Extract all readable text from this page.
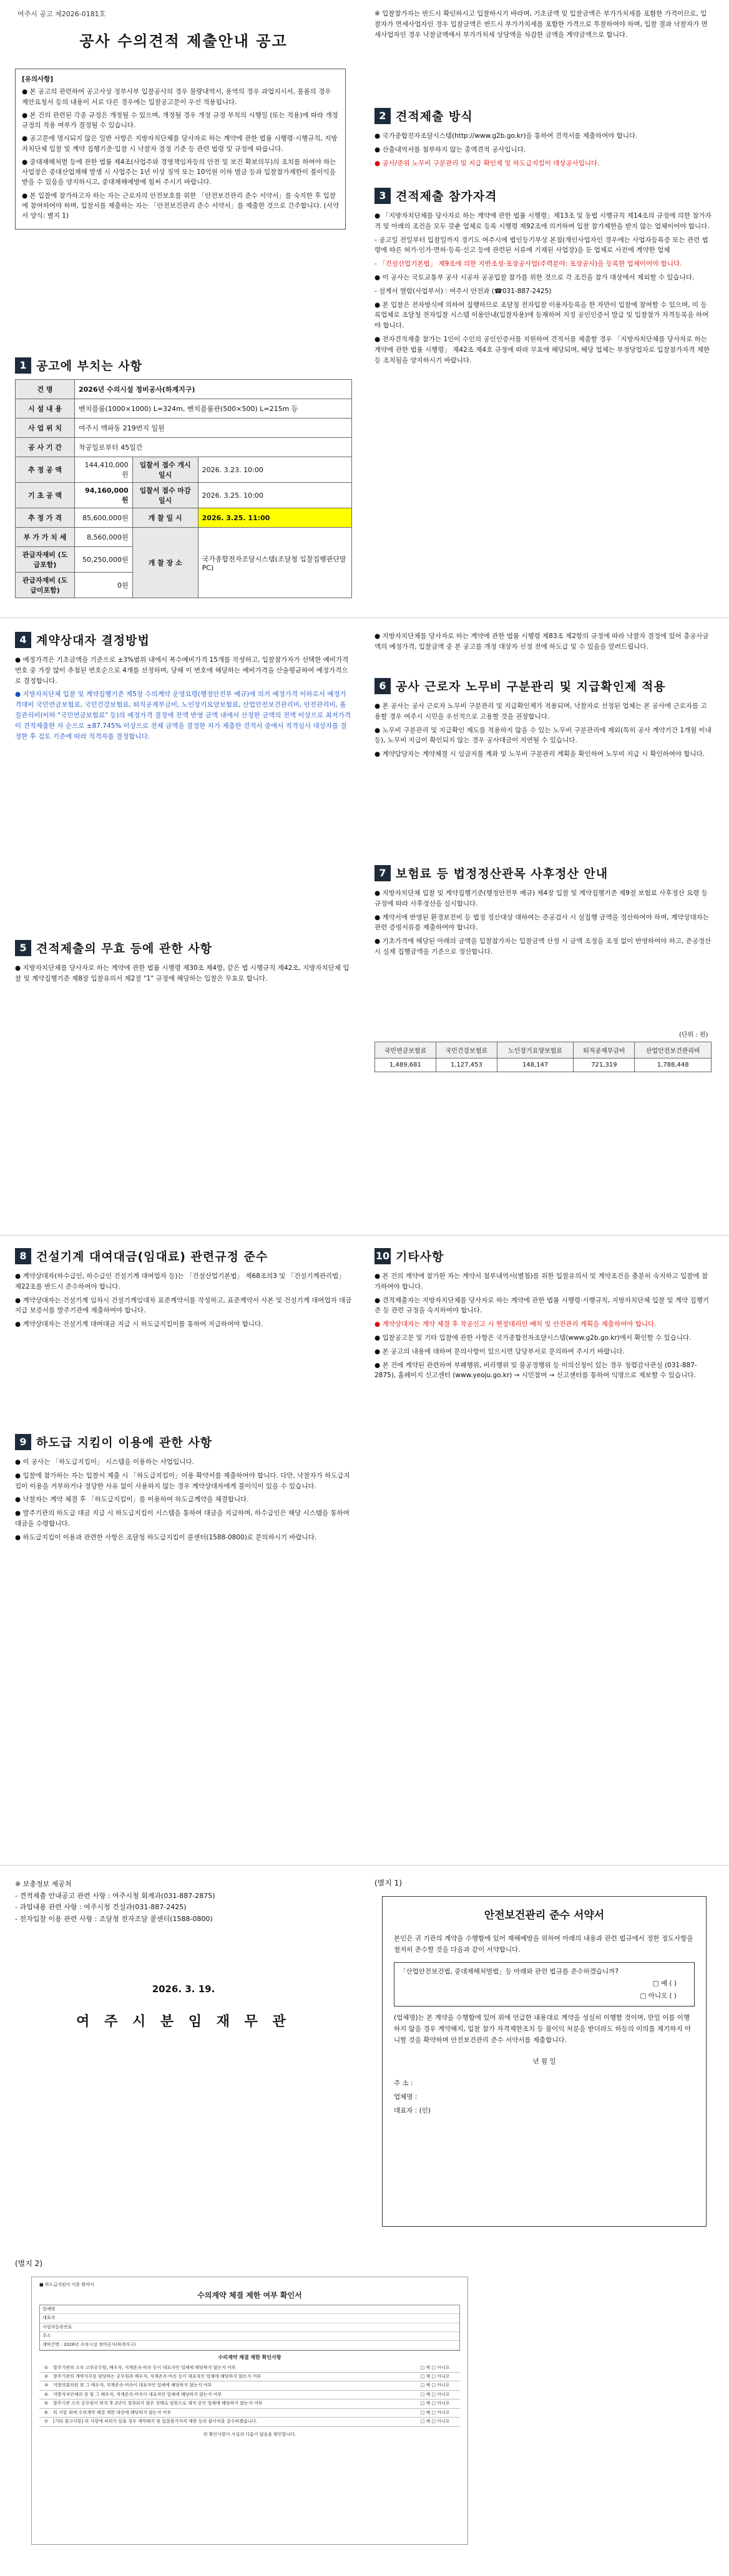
여주시 공고 제2026-0181호
공사 수의견적 제출안내 공고
[유의사항]

● 본 공고의 관련하여 공고사상 정부사부 입찰공사의 경우 물량내역서, 용역의 경우 과업지시서, 물품의 경우 제안요청서 등의 내용이 서로 다른 경우에는 입찰공고문이 우선 적용됩니다.

● 본 건의 관련된 각종 규정은 개정될 수 있으며, 개정될 경우 개정 규정 부칙의 시행일 (또는 적용)에 따라 개정 규정의 적용 여부가 결정될 수 있습니다.

● 공고문에 명시되지 않은 일반 사항은 지방자치단체를 당사자로 하는 계약에 관한 법률 시행령·시행규칙, 지방자치단체 입찰 및 계약 집행기준·입찰 시 낙찰자 결정 기준 등 관련 법령 및 규정에 따릅니다.

● 중대재해처벌 등에 관한 법률 제4조(사업주와 경영책임자등의 안전 및 보건 확보의무)의 조치를 하여야 하는 사업장은 중대산업재해 발생 시 사업주는 1년 이상 징역 또는 10억원 이하 벌금 등과 입찰참가제한이 불이익을 받을 수 있음을 양지하시고, 중대재해예방에 힘써 주시기 바랍니다.

● 본 입찰에 참가하고자 하는 자는 근로자의 안전보호를 위한 「안전보건관리 준수 서약서」를 숙지한 후 입찰에 참여하여야 하며, 입찰서를 제출하는 자는 「안전보건관리 준수 서약서」를 제출한 것으로 간주합니다. (서약서 양식: 별지 1)

1 공고에 부치는 사항
건 명	2026년 수의시설 정비공사(하계지구)		
시 설 내 용	벤치플룸(1000×1000) L=324m, 벤치플룸관(500×500) L=215m 등		
사 업 위 치	여주시 액파동 219번지 일원		
공 사 기 간	착공일로부터 45일간		
추 정 공 액	144,410,000원	입찰서 접수 개시일시	2026. 3.23. 10:00
기 초 공 액	94,160,000원	입찰서 접수 마감일시	2026. 3.25. 10:00
추 정 가 격	85,600,000원	개 찰 일 시	2026. 3.25. 11:00
부 가 가 치 세	8,560,000원	개 찰 장 소	국가종합전자조달시스템(조달청 입찰집행관단말 PC)
관급자재비 (도급포함)	50,250,000원		
관급자재비 (도급미포함)	0원		
※ 입찰참가자는 반드시 확인하시고 입찰하시기 바라며, 기초금액 및 입찰금액은 부가가치세를 포함한 가격이므로, 입찰자가 면세사업자인 경우 입찰금액은 반드시 부가가치세를 포함한 가격으로 투찰하여야 하며, 입찰 결과 낙찰자가 면세사업자인 경우 낙찰금액에서 부가가치세 상당액을 차감한 금액을 계약금액으로 합니다.
2 견적제출 방식

● 국가종합전자조달시스템(http://www.g2b.go.kr)을 통하여 견적서를 제출하여야 합니다.

● 산출내역서를 첨부하지 않는 총액견적 공사입니다.

● 공사/준위 노무비 구분관리 및 지급 확인제 및 하도급지킴이 대상공사입니다.

3 견적제출 참가자격

● 「지방자치단체를 당사자로 하는 계약에 관한 법률 시행령」제13조 및 동법 시행규칙 제14조의 규정에 의한 참가자격 및 아래의 조건을 모두 갖춘 업체로 등록 시행령 제92조에 의거하여 입찰 참가제한을 받지 않는 업체이어야 합니다.

- 공고일 전일부터 입찰일까지 경기도 여주시에 법인등기부상 본점(개인사업자인 경우에는 사업자등록증 또는 관련 법령에 따른 허가·인가·면허·등록·신고 등에 관련된 서류에 기재된 사업장)을 둔 업체로 사전에 계약한 업체

- 「건설산업기본법」 제9조에 의한 지반조성·포장공사업(주력분야: 포장공사)을 등록한 업체이어야 합니다.

● 이 공사는 국토교통부 공사 시공자 공공입찰 참가를 위한 것으로 각 조건을 참가 대상에서 제외할 수 있습니다.

- 설계서 열람(사업부서) : 여주시 안전과 (☎031-887-2425)

● 본 입찰은 전자방식에 의하여 집행하므로 조달청 전자입찰 이용자등록을 한 자만이 입찰에 참여할 수 있으며, 미 등록업체로 조달청 전자입찰 시스템 이용안내(입찰자용)에 등재하여 지정 공인인증서 발급 및 입찰참가 자격등록을 하여야 합니다.

● 전자견적제출 참가는 1인이 수인의 공인인증서를 지원하여 견적서를 제출할 경우 「지방자치단체를 당사자로 하는 계약에 관한 법률 시행령」 제42조 제4호 규정에 따라 무효에 해당되며, 해당 업체는 부정당업자로 입찰참가자격 제한 등 조치됨을 양지하시기 바랍니다.

4 계약상대자 결정방법

● 예정가격은 기초금액을 기준으로 ±3%범위 내에서 복수예비가격 15개를 작성하고, 입찰참가자가 선택한 예비가격번호 중 가장 많이 추첨된 번호순으로 4개를 선정하며, 당해 이 번호에 해당하는 예비가격을 산술평균하여 예정가격으로 결정합니다.

● 지방자치단체 입찰 및 계약집행기준 제5장 수의계약 운영요령(행정안전부 예규)에 의거 예정가격 이하로서 예정가격대비 국민연금보험료, 국민건강보험료, 퇴직공제부금비, 노인장기요양보험료, 산업안전보건관리비, 안전관리비, 품질관리비(이하 "국민연금보험료" 등)의 예정가격 결정에 전액 반영 금액 내에서 산정한 금액의 전액 이상으로 최저가격이 견적제출한 자 순으로 ±87.745% 이상으로 전체 금액을 결정한 자가 제출한 견적서 중에서 적격심사 대상자를 결정한 후 검토 기준에 따라 적격자를 결정합니다.

5 견적제출의 무효 등에 관한 사항

● 지방자치단체를 당사자로 하는 계약에 관한 법률 시행령 제30조 제4항, 같은 법 시행규칙 제42조, 지방자치단체 입찰 및 계약집행기준 제8장 입찰유의서 제2절 "1" 규정에 해당하는 입찰은 무효로 합니다.

● 지방자치단체를 당사자로 하는 계약에 관한 법률 시행령 제83조 제2항의 규정에 따라 낙찰자 결정에 있어 총공사금액의 예정가격, 입찰금액 중 본 공고를 개정 대상자 선정 전에 하도급 및 수 있음을 알려드립니다.

6 공사 근로자 노무비 구분관리 및 지급확인제 적용

● 본 공사는 공사 근로자 노무비 구분관리 및 지급확인제가 적용되며, 낙찰자로 선정된 업체는 본 공사에 근로자를 고용할 경우 여주시 시민을 우선적으로 고용할 것을 권장합니다.

● 노무비 구분관리 및 지급확인 제도를 적용하지 않을 수 있는 노무비 구분관리에 제외(특히 공사 계약기간 1개월 이내 등), 노무비 지급이 확인되지 않는 경우 공사대금이 지연될 수 있습니다.

● 계약담당자는 계약체결 시 임금지불 계좌 및 노무비 구분관리 계획을 확인하여 노무비 지급 시 확인하여야 합니다.

7 보험료 등 법정정산관목 사후정산 안내

● 지방자치단체 입찰 및 계약집행기준(행정안전부 예규) 제4장 입찰 및 계약집행기준 제9절 보험료 사후정산 요령 등 규정에 따라 사후정산을 실시합니다.

● 계약서에 반영된 환경보전비 등 법정 정산대상 대하여는 준공검사 시 실집행 금액을 정산하여야 하며, 계약상대자는 관련 증빙서류를 제출하여야 합니다.

● 기초가격에 해당된 아래의 금액을 입찰참가자는 입찰금액 산정 시 금액 조정을 조정 없이 반영하여야 하고, 준공정산 시 실제 집행금액을 기준으로 정산합니다.

(단위 : 원)
국민연금보험료	국민건강보험료	노인장기요양보험료	퇴직공제부금비	산업안전보건관리비
1,489,681	1,127,453	148,147	721,319	1,788,448
8 건설기계 대여대금(임대료) 관련규정 준수

● 계약상대자(하수급인, 하수급인 건설기계 대여업자 등)는 「건설산업기본법」 제68조의3 및 「건설기계관리법」 제22조를 반드시 준수하여야 합니다.

● 계약상대자는 건설기계 임차시 건설기계임대차 표준계약서를 작성하고, 표준계약서 사본 및 건설기계 대여업자 대금지급 보증서를 발주기관에 제출하여야 합니다.

● 계약상대자는 건설기계 대여대금 지급 시 하도급지킴이를 통하여 지급하여야 합니다.

9 하도급 지킴이 이용에 관한 사항

● 이 공사는 「하도급지킴이」 시스템을 이용하는 사업입니다.

● 입찰에 참가하는 자는 입찰서 제출 시 「하도급지킴이」이용 확약서를 제출하여야 합니다. 다만, 낙찰자가 하도급지킴이 이용을 거부하거나 정당한 사유 없이 사용하지 않는 경우 계약상대자에게 불이익이 있을 수 있습니다.

● 낙찰자는 계약 체결 후 「하도급지킴이」를 이용하여 하도급계약을 체결합니다.

● 발주기관의 하도급 대금 지급 시 하도급지킴이 시스템을 통하여 대금을 지급하며, 하수급인은 해당 시스템을 통하여 대금을 수령합니다.

● 하도급지킴이 이용과 관련한 사항은 조달청 하도급지킴이 콜센터(1588-0800)로 문의하시기 바랍니다.

10 기타사항

● 본 건의 계약에 참가한 자는 계약서 첨부내역서(별첨)를 위한 입찰유의서 및 계약조건을 충분히 숙지하고 입찰에 참가하여야 합니다.

● 견적제출자는 지방자치단체를 당사자로 하는 계약에 관한 법률 시행령·시행규칙, 지방자치단체 입찰 및 계약 집행기준 등 관련 규정을 숙지하여야 합니다.

● 계약상대자는 계약 체결 후 착공신고 시 현장대리인 배치 및 안전관리 계획을 제출하여야 합니다.

● 입찰공고문 및 기타 입찰에 관한 사항은 국가종합전자조달시스템(www.g2b.go.kr)에서 확인할 수 있습니다.

● 본 공고의 내용에 대하여 문의사항이 있으시면 담당부서로 문의하여 주시기 바랍니다.

● 본 건에 계약된 관련하여 부패행위, 비리행위 및 불공정행위 등 이의신청이 있는 경우 청렴감사관실 (031-887-2875), 홈페이지 신고센터 (www.yeoju.go.kr) → 시민참여 → 신고센터를 통하여 익명으로 제보할 수 있습니다.

※ 보충정보 제공처
- 견적제출 안내공고 관련 사항 : 여주시청 회계과(031-887-2875)
- 과업내용 관련 사항 : 여주시청 건설과(031-887-2425)
- 전자입찰 이용 관련 사항 : 조달청 전자조달 콜센터(1588-0800)
2026. 3. 19.
여 주 시 분 임 재 무 관
(별지 1)
안전보건관리 준수 서약서
본인은 귀 기관의 계약을 수행함에 있어 재해예방을 위하여 아래의 내용과 관련 법규에서 정한 정도사항을 철저히 준수할 것을 다음과 같이 서약합니다.
「산업안전보건법, 중대재해처벌법」등 아래와 관련 법규를 준수하겠습니까?
□ 예 ( )
□ 아니오 ( )
(업체명)는 본 계약을 수행함에 있어 위에 언급한 내용대로 계약을 성실히 이행할 것이며, 만일 이를 이행하지 않을 경우 계약해지, 입찰 참가 자격제한조치 등 불이익 처분을 받더라도 하등의 이의를 제기하지 아니할 것을 확약하며 안전보건관리 준수 서약서를 제출합니다.
년 월 일
주 소 :
업체명 :
대표자 : (인)
(별지 2)
■ 하도급지킴이 이용 확약서
수의계약 체결 제한 여부 확인서
업체명
대표자
사업자등록번호
주소
계약건명 : 2026년 수의시설 정비공사(하계지구)
수의계약 체결 제한 확인사항
①	발주기관의 소속 고위공무원, 배우자, 직계존속·비속 등이 대표자인 업체에 해당하지 않는지 여부	□ 예 □ 아니오
②	발주기관의 계약사무를 담당하는 공무원과 배우자, 직계존속·비속 등이 대표자인 업체에 해당하지 않는지 여부	□ 예 □ 아니오
③	지방의회의원 및 그 배우자, 직계존속·비속이 대표자인 업체에 해당하지 않는지 여부	□ 예 □ 아니오
④	지방자치단체의 장 및 그 배우자, 직계존속·비속이 대표자인 업체에 해당하지 않는지 여부	□ 예 □ 아니오
⑤	발주기관 소속 공무원이 퇴직 후 2년이 경과되지 않은 상태로 임원으로 재직 중인 업체에 해당하지 않는지 여부	□ 예 □ 아니오
⑥	위 사항 외에 수의계약 체결 제한 대상에 해당하지 않는지 여부	□ 예 □ 아니오
⑦	[기타 참고사항] 위 사항에 허위가 있을 경우 계약해지 및 입찰참가자격 제한 등의 불이익을 감수하겠습니다.	□ 예 □ 아니오
위 확인사항이 사실과 다름이 없음을 확인합니다.
